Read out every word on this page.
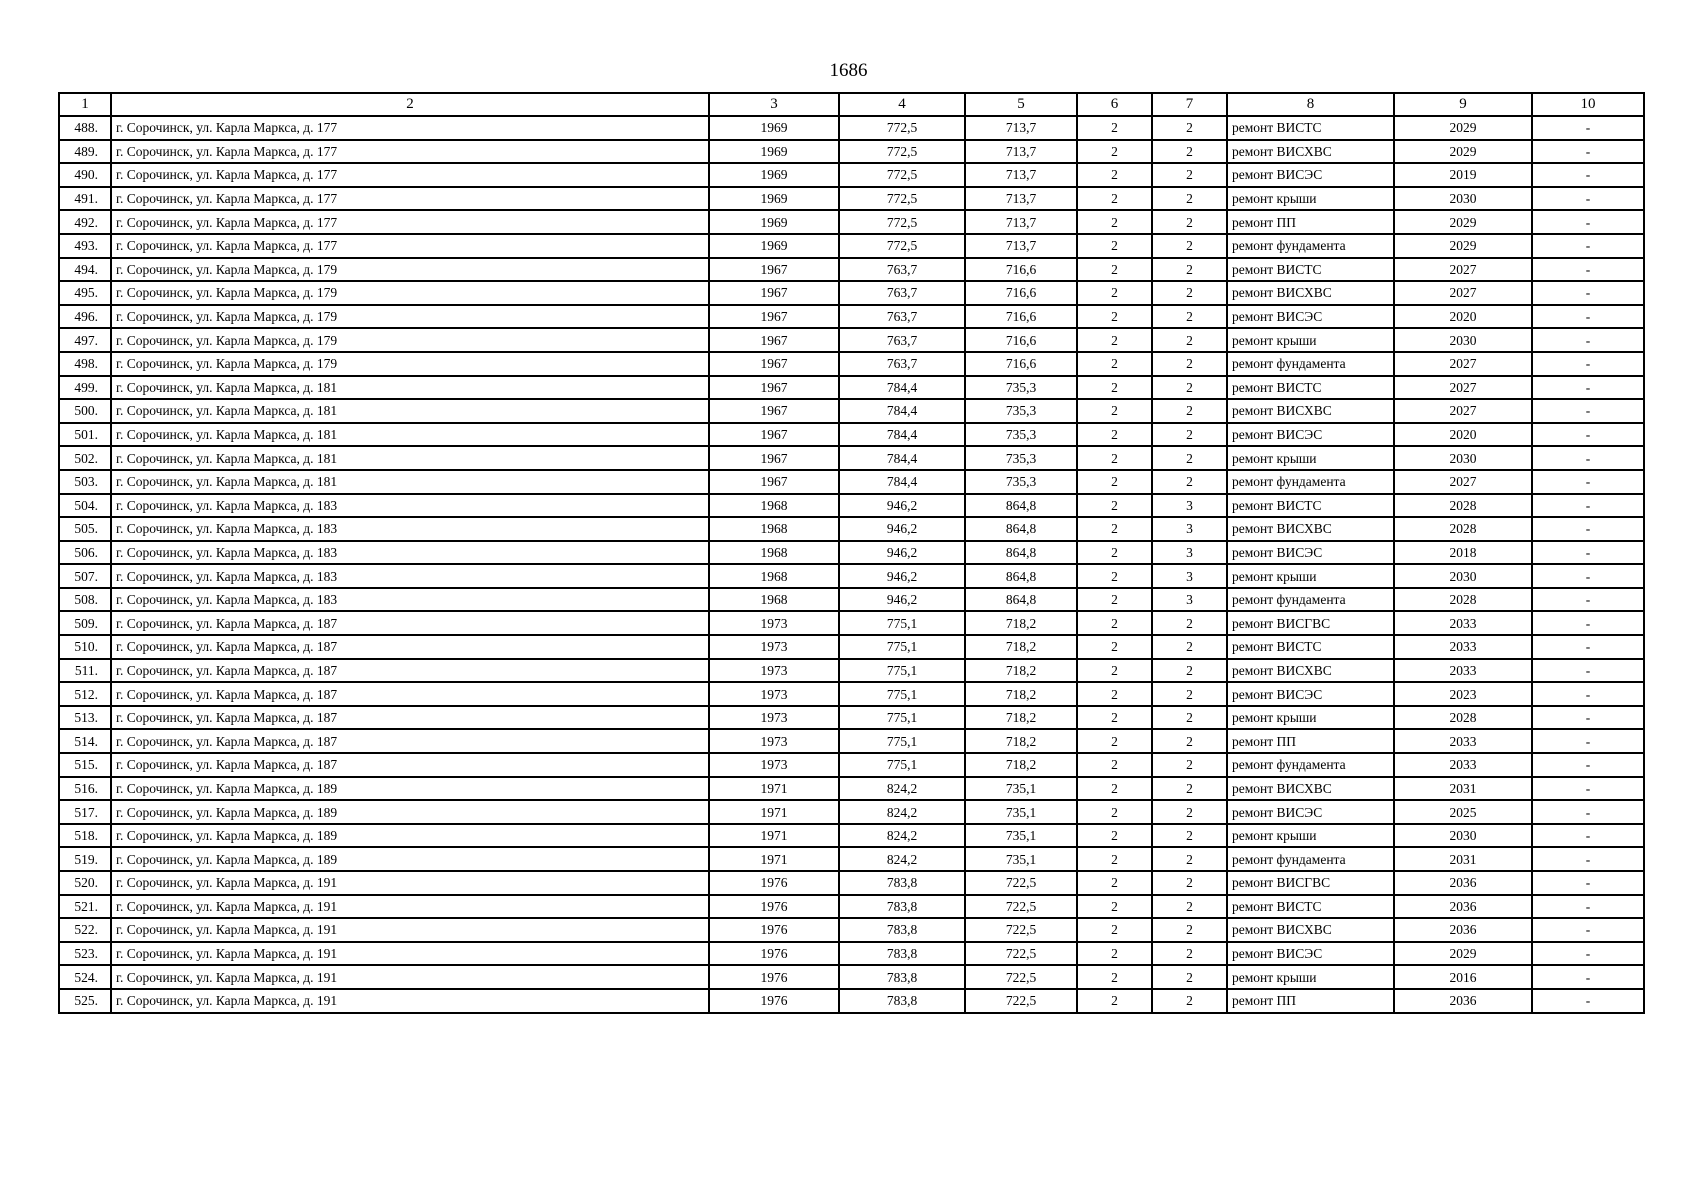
1686
1	2	3	4	5	6	7	8	9	10
488.	г. Сорочинск, ул. Карла Маркса, д. 177	1969	772,5	713,7	2	2	ремонт ВИСТС	2029	-
489.	г. Сорочинск, ул. Карла Маркса, д. 177	1969	772,5	713,7	2	2	ремонт ВИСХВС	2029	-
490.	г. Сорочинск, ул. Карла Маркса, д. 177	1969	772,5	713,7	2	2	ремонт ВИСЭС	2019	-
491.	г. Сорочинск, ул. Карла Маркса, д. 177	1969	772,5	713,7	2	2	ремонт крыши	2030	-
492.	г. Сорочинск, ул. Карла Маркса, д. 177	1969	772,5	713,7	2	2	ремонт ПП	2029	-
493.	г. Сорочинск, ул. Карла Маркса, д. 177	1969	772,5	713,7	2	2	ремонт фундамента	2029	-
494.	г. Сорочинск, ул. Карла Маркса, д. 179	1967	763,7	716,6	2	2	ремонт ВИСТС	2027	-
495.	г. Сорочинск, ул. Карла Маркса, д. 179	1967	763,7	716,6	2	2	ремонт ВИСХВС	2027	-
496.	г. Сорочинск, ул. Карла Маркса, д. 179	1967	763,7	716,6	2	2	ремонт ВИСЭС	2020	-
497.	г. Сорочинск, ул. Карла Маркса, д. 179	1967	763,7	716,6	2	2	ремонт крыши	2030	-
498.	г. Сорочинск, ул. Карла Маркса, д. 179	1967	763,7	716,6	2	2	ремонт фундамента	2027	-
499.	г. Сорочинск, ул. Карла Маркса, д. 181	1967	784,4	735,3	2	2	ремонт ВИСТС	2027	-
500.	г. Сорочинск, ул. Карла Маркса, д. 181	1967	784,4	735,3	2	2	ремонт ВИСХВС	2027	-
501.	г. Сорочинск, ул. Карла Маркса, д. 181	1967	784,4	735,3	2	2	ремонт ВИСЭС	2020	-
502.	г. Сорочинск, ул. Карла Маркса, д. 181	1967	784,4	735,3	2	2	ремонт крыши	2030	-
503.	г. Сорочинск, ул. Карла Маркса, д. 181	1967	784,4	735,3	2	2	ремонт фундамента	2027	-
504.	г. Сорочинск, ул. Карла Маркса, д. 183	1968	946,2	864,8	2	3	ремонт ВИСТС	2028	-
505.	г. Сорочинск, ул. Карла Маркса, д. 183	1968	946,2	864,8	2	3	ремонт ВИСХВС	2028	-
506.	г. Сорочинск, ул. Карла Маркса, д. 183	1968	946,2	864,8	2	3	ремонт ВИСЭС	2018	-
507.	г. Сорочинск, ул. Карла Маркса, д. 183	1968	946,2	864,8	2	3	ремонт крыши	2030	-
508.	г. Сорочинск, ул. Карла Маркса, д. 183	1968	946,2	864,8	2	3	ремонт фундамента	2028	-
509.	г. Сорочинск, ул. Карла Маркса, д. 187	1973	775,1	718,2	2	2	ремонт ВИСГВС	2033	-
510.	г. Сорочинск, ул. Карла Маркса, д. 187	1973	775,1	718,2	2	2	ремонт ВИСТС	2033	-
511.	г. Сорочинск, ул. Карла Маркса, д. 187	1973	775,1	718,2	2	2	ремонт ВИСХВС	2033	-
512.	г. Сорочинск, ул. Карла Маркса, д. 187	1973	775,1	718,2	2	2	ремонт ВИСЭС	2023	-
513.	г. Сорочинск, ул. Карла Маркса, д. 187	1973	775,1	718,2	2	2	ремонт крыши	2028	-
514.	г. Сорочинск, ул. Карла Маркса, д. 187	1973	775,1	718,2	2	2	ремонт ПП	2033	-
515.	г. Сорочинск, ул. Карла Маркса, д. 187	1973	775,1	718,2	2	2	ремонт фундамента	2033	-
516.	г. Сорочинск, ул. Карла Маркса, д. 189	1971	824,2	735,1	2	2	ремонт ВИСХВС	2031	-
517.	г. Сорочинск, ул. Карла Маркса, д. 189	1971	824,2	735,1	2	2	ремонт ВИСЭС	2025	-
518.	г. Сорочинск, ул. Карла Маркса, д. 189	1971	824,2	735,1	2	2	ремонт крыши	2030	-
519.	г. Сорочинск, ул. Карла Маркса, д. 189	1971	824,2	735,1	2	2	ремонт фундамента	2031	-
520.	г. Сорочинск, ул. Карла Маркса, д. 191	1976	783,8	722,5	2	2	ремонт ВИСГВС	2036	-
521.	г. Сорочинск, ул. Карла Маркса, д. 191	1976	783,8	722,5	2	2	ремонт ВИСТС	2036	-
522.	г. Сорочинск, ул. Карла Маркса, д. 191	1976	783,8	722,5	2	2	ремонт ВИСХВС	2036	-
523.	г. Сорочинск, ул. Карла Маркса, д. 191	1976	783,8	722,5	2	2	ремонт ВИСЭС	2029	-
524.	г. Сорочинск, ул. Карла Маркса, д. 191	1976	783,8	722,5	2	2	ремонт крыши	2016	-
525.	г. Сорочинск, ул. Карла Маркса, д. 191	1976	783,8	722,5	2	2	ремонт ПП	2036	-
